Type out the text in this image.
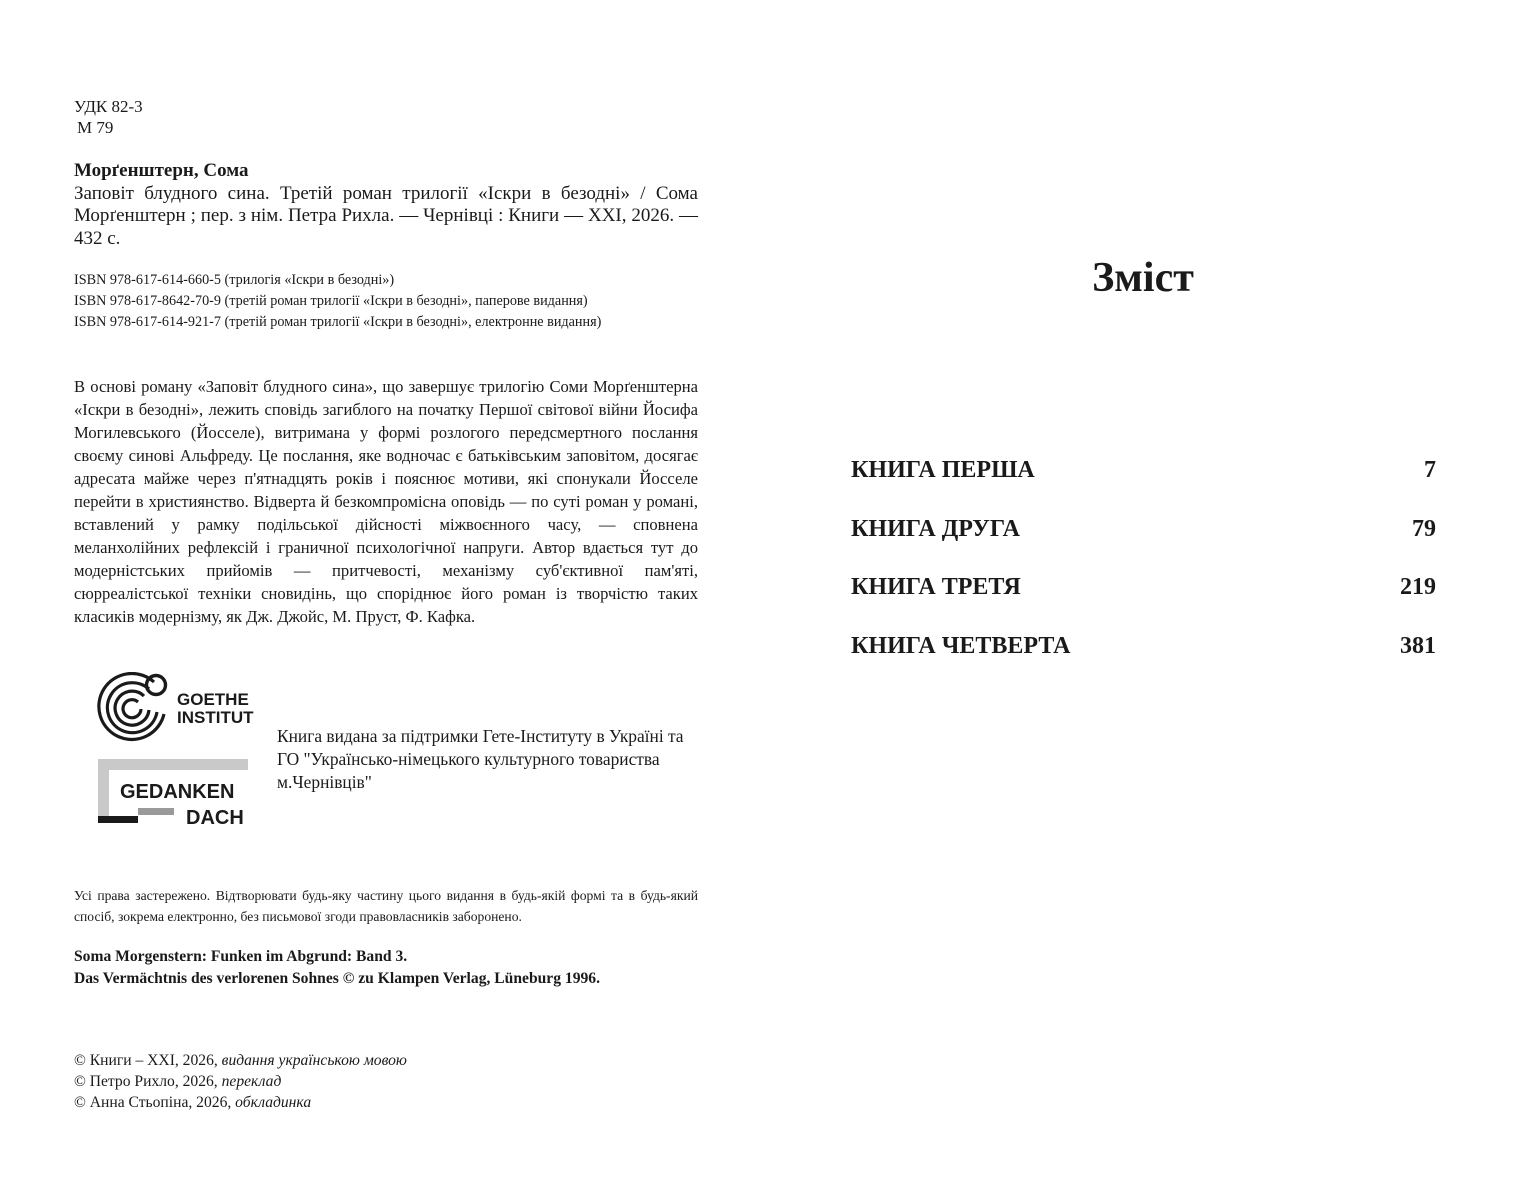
УДК 82-3
М 79
Морґенштерн, Сома
Заповіт блудного сина. Третій роман трилогії «Іскри в безодні» / Сома Морґенштерн ; пер. з нім. Петра Рихла. — Чернівці : Книги — XXI, 2026. — 432 с.
ISBN 978-617-614-660-5 (трилогія «Іскри в безодні»)
ISBN 978-617-8642-70-9 (третій роман трилогії «Іскри в безодні», паперове видання)
ISBN 978-617-614-921-7 (третій роман трилогії «Іскри в безодні», електронне видання)
В основі роману «Заповіт блудного сина», що завершує трилогію Соми Морґенштерна «Іскри в безодні», лежить сповідь загиблого на початку Першої світової війни Йосифа Могилевського (Йосселе), витримана у формі розлогого передсмертного послання своєму синові Альфреду. Це послання, яке водночас є батьківським заповітом, досягає адресата майже через п'ятнадцять років і пояснює мотиви, які спонукали Йосселе перейти в християнство. Відверта й безкомпромісна оповідь — по суті роман у романі, вставлений у рамку подільської дійсності міжвоєнного часу, — сповнена меланхолійних рефлексій і граничної психологічної напруги. Автор вдається тут до модерністських прийомів — притчевості, механізму суб'єктивної пам'яті, сюрреалістської техніки сновидінь, що споріднює його роман із творчістю таких класиків модернізму, як Дж. Джойс, М. Пруст, Ф. Кафка.
GOETHE
INSTITUT
GEDANKEN
DACH
Книга видана за підтримки Гете-Інституту в Україні та ГО "Українсько-німецького культурного товариства м.Чернівців"
Усі права застережено. Відтворювати будь-яку частину цього видання в будь-якій формі та в будь-який спосіб, зокрема електронно, без письмової згоди правовласників заборонено.
Soma Morgenstern: Funken im Abgrund: Band 3.
Das Vermächtnis des verlorenen Sohnes © zu Klampen Verlag, Lüneburg 1996.
© Книги – XXI, 2026, видання українською мовою
© Петро Рихло, 2026, переклад
© Анна Стьопіна, 2026, обкладинка
Зміст
КНИГА ПЕРША	7
КНИГА ДРУГА	79
КНИГА ТРЕТЯ	219
КНИГА ЧЕТВЕРТА	381
